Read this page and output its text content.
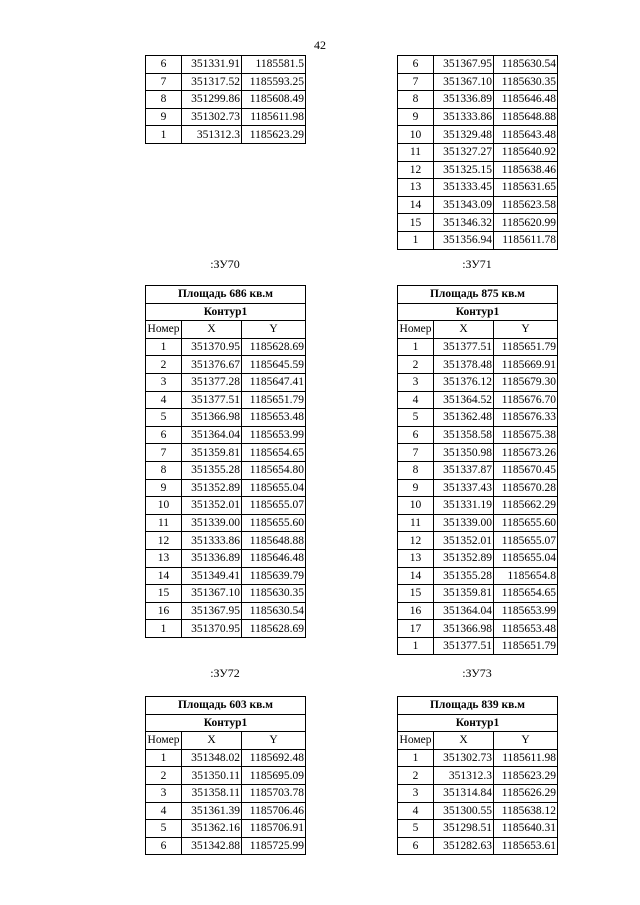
42
6	351331.91	1185581.5
7	351317.52	1185593.25
8	351299.86	1185608.49
9	351302.73	1185611.98
1	351312.3	1185623.29
6	351367.95	1185630.54
7	351367.10	1185630.35
8	351336.89	1185646.48
9	351333.86	1185648.88
10	351329.48	1185643.48
11	351327.27	1185640.92
12	351325.15	1185638.46
13	351333.45	1185631.65
14	351343.09	1185623.58
15	351346.32	1185620.99
1	351356.94	1185611.78
:ЗУ70	:ЗУ71
Площадь 686 кв.м		
Контур1		
Номер	X	Y
1	351370.95	1185628.69
2	351376.67	1185645.59
3	351377.28	1185647.41
4	351377.51	1185651.79
5	351366.98	1185653.48
6	351364.04	1185653.99
7	351359.81	1185654.65
8	351355.28	1185654.80
9	351352.89	1185655.04
10	351352.01	1185655.07
11	351339.00	1185655.60
12	351333.86	1185648.88
13	351336.89	1185646.48
14	351349.41	1185639.79
15	351367.10	1185630.35
16	351367.95	1185630.54
1	351370.95	1185628.69
Площадь 875 кв.м		
Контур1		
Номер	X	Y
1	351377.51	1185651.79
2	351378.48	1185669.91
3	351376.12	1185679.30
4	351364.52	1185676.70
5	351362.48	1185676.33
6	351358.58	1185675.38
7	351350.98	1185673.26
8	351337.87	1185670.45
9	351337.43	1185670.28
10	351331.19	1185662.29
11	351339.00	1185655.60
12	351352.01	1185655.07
13	351352.89	1185655.04
14	351355.28	1185654.8
15	351359.81	1185654.65
16	351364.04	1185653.99
17	351366.98	1185653.48
1	351377.51	1185651.79
:ЗУ72	:ЗУ73
Площадь 603 кв.м		
Контур1		
Номер	X	Y
1	351348.02	1185692.48
2	351350.11	1185695.09
3	351358.11	1185703.78
4	351361.39	1185706.46
5	351362.16	1185706.91
6	351342.88	1185725.99
Площадь 839 кв.м		
Контур1		
Номер	X	Y
1	351302.73	1185611.98
2	351312.3	1185623.29
3	351314.84	1185626.29
4	351300.55	1185638.12
5	351298.51	1185640.31
6	351282.63	1185653.61
